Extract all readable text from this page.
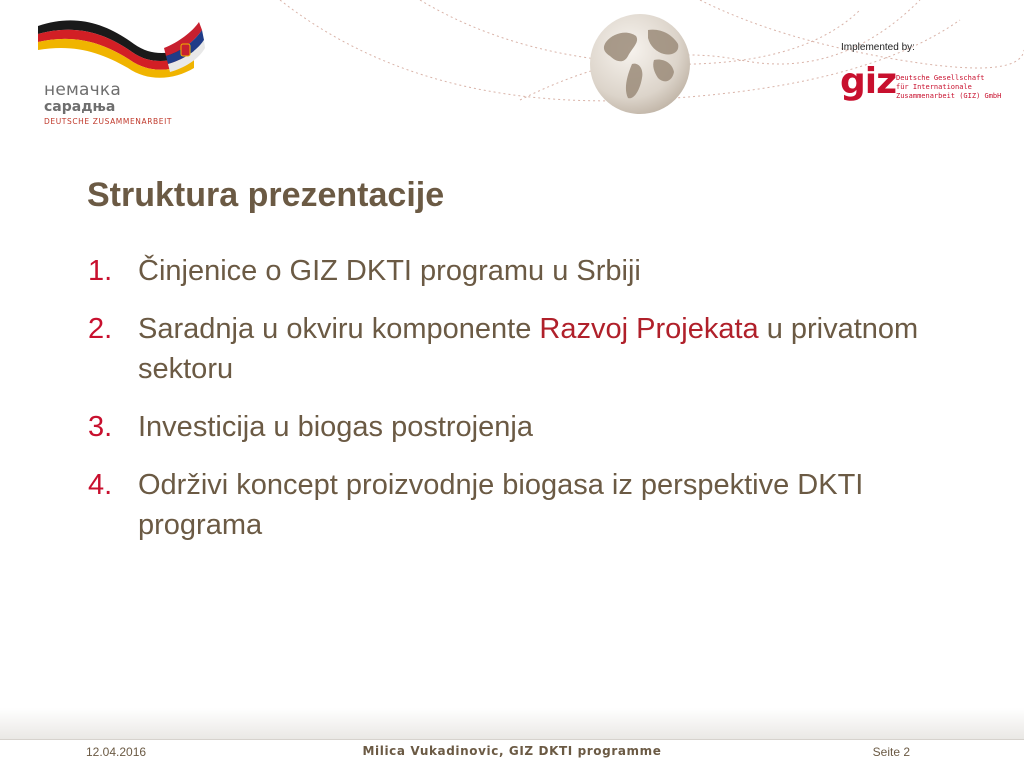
немачка
сарадња
DEUTSCHE ZUSAMMENARBEIT
Implemented by:
giz Deutsche Gesellschaft
für Internationale
Zusammenarbeit (GIZ) GmbH
Struktura prezentacije
1. Činjenice o GIZ DKTI programu u Srbiji
2. Saradnja u okviru komponente Razvoj Projekata u privatnom sektoru
3. Investicija u biogas postrojenja
4. Održivi koncept proizvodnje biogasa iz perspektive DKTI programa
12.04.2016	Milica Vukadinovic, GIZ DKTI programme	Seite 2
